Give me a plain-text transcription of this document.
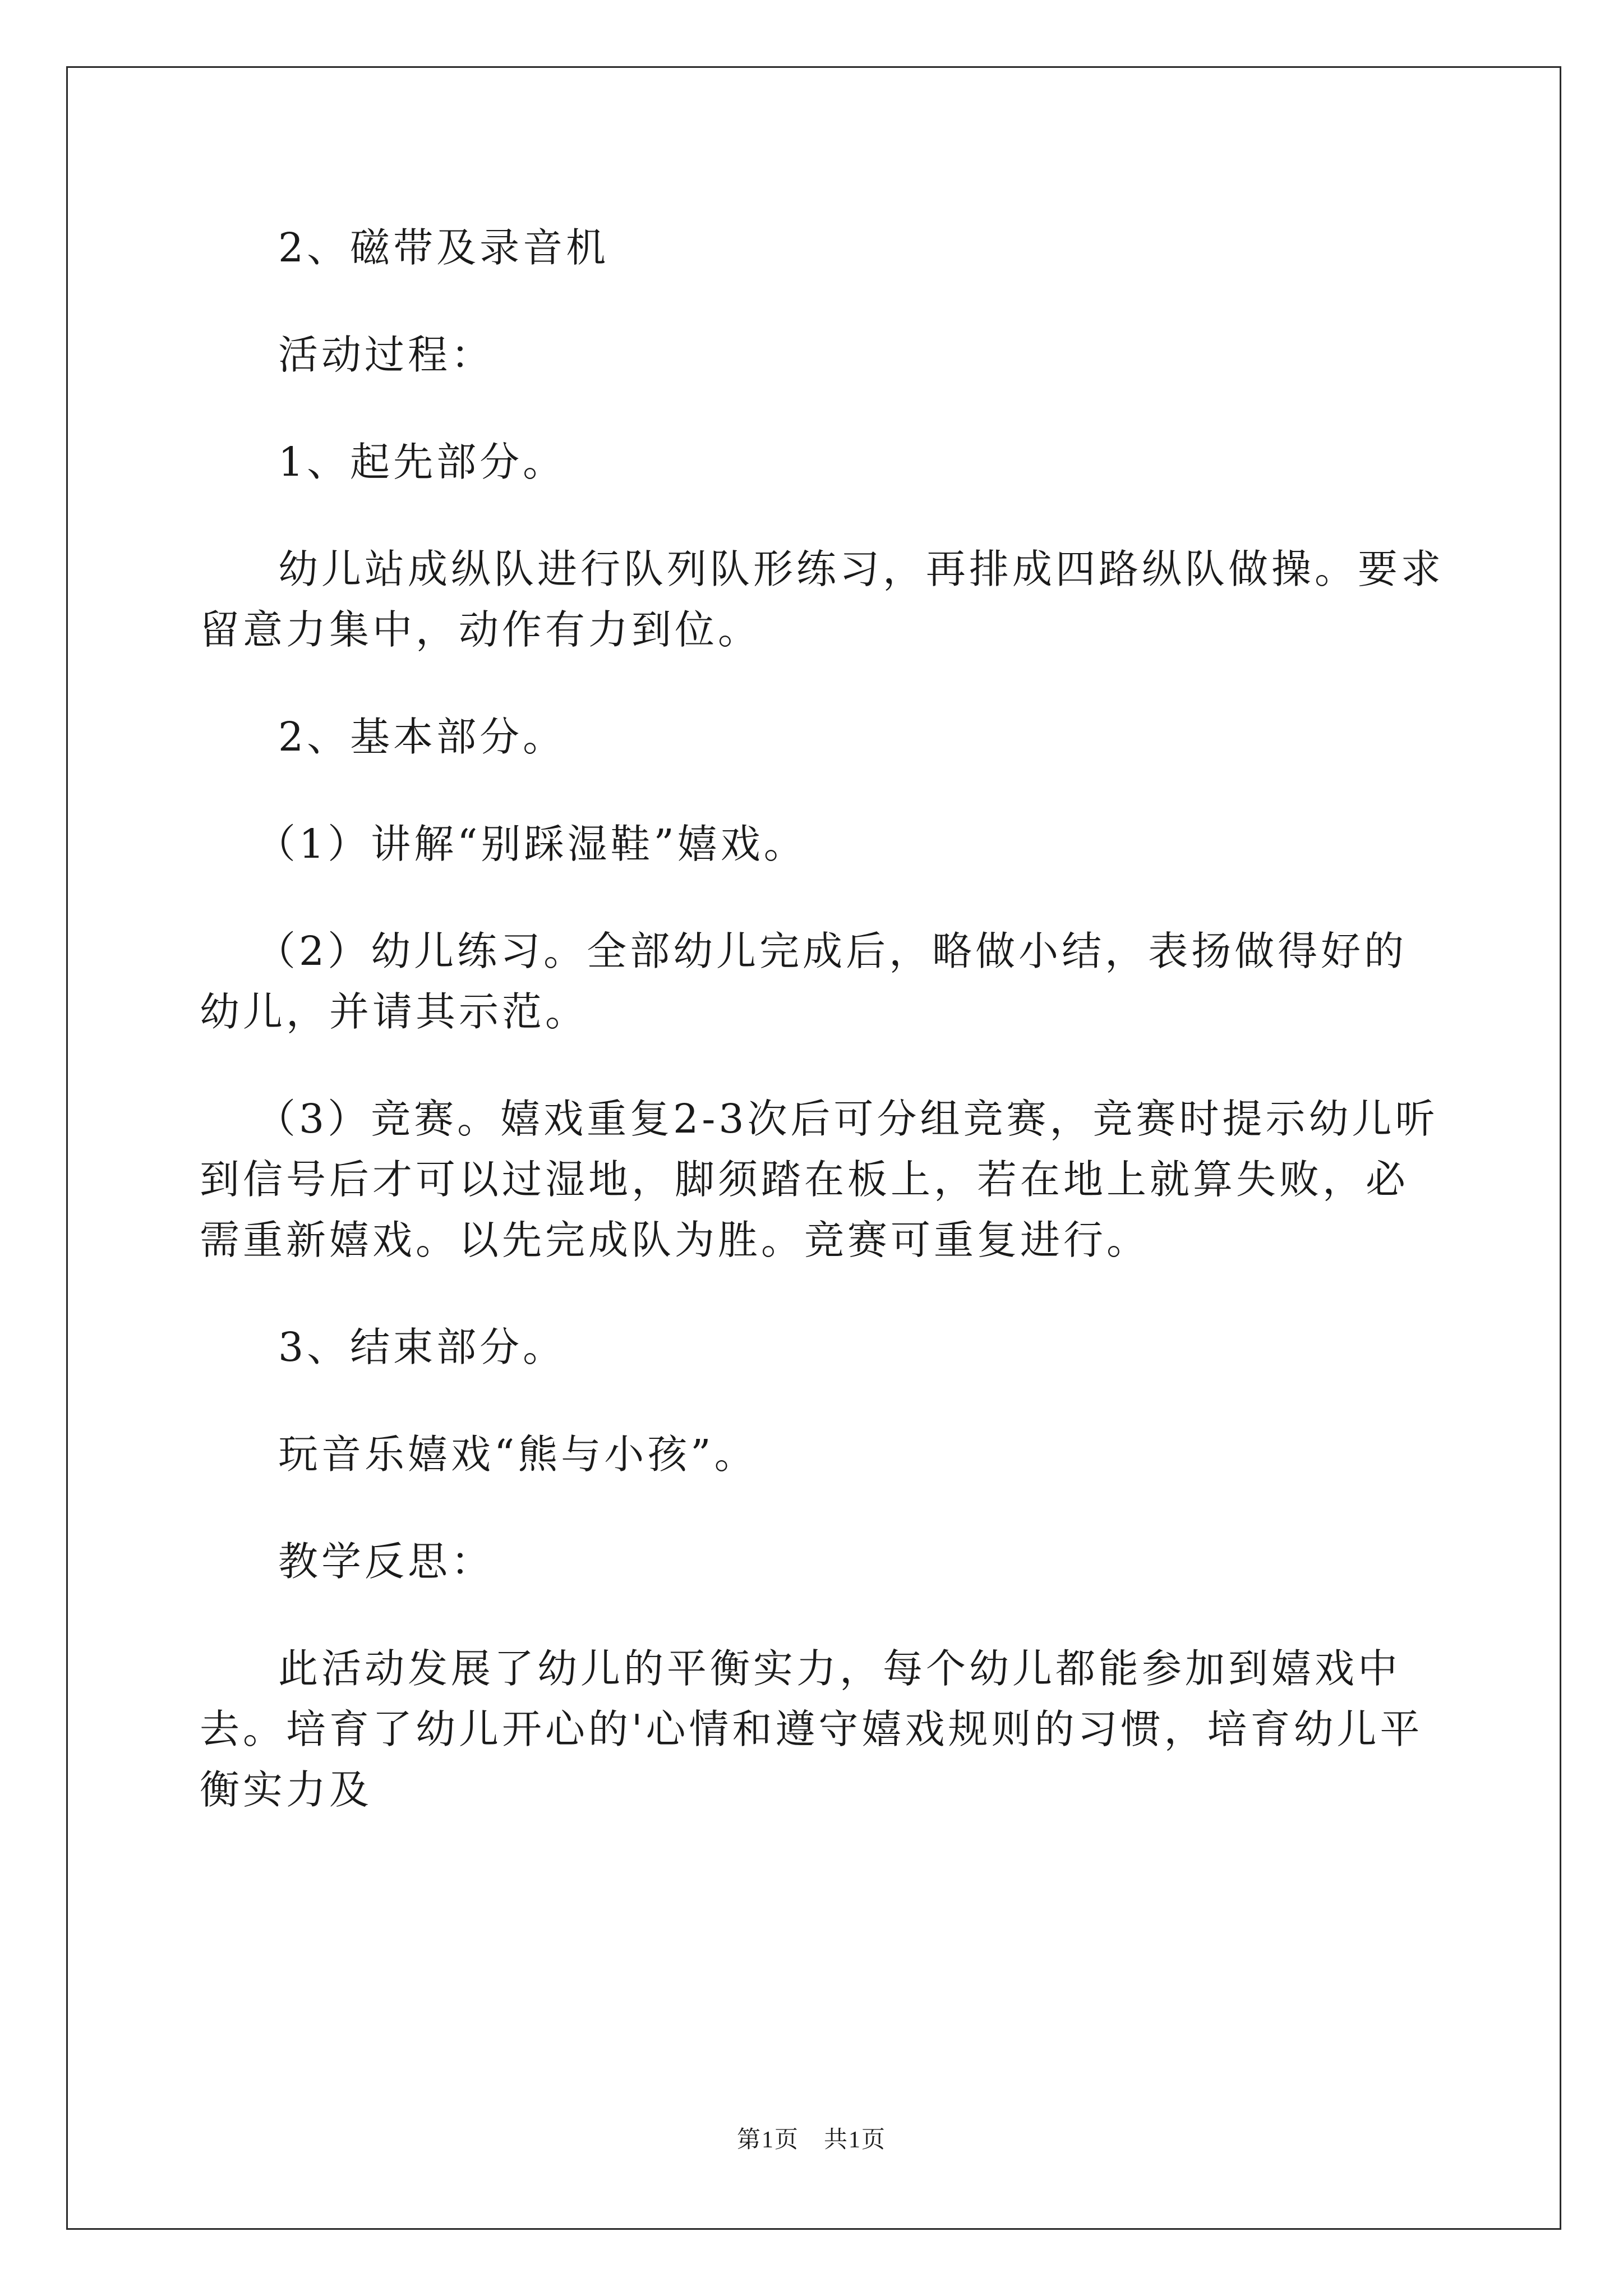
2、磁带及录音机

活动过程：

1、起先部分。

幼儿站成纵队进行队列队形练习，再排成四路纵队做操。要求留意力集中，动作有力到位。

2、基本部分。

（1）讲解“别踩湿鞋”嬉戏。

（2）幼儿练习。全部幼儿完成后，略做小结，表扬做得好的幼儿，并请其示范。

（3）竞赛。嬉戏重复2-3次后可分组竞赛，竞赛时提示幼儿听到信号后才可以过湿地，脚须踏在板上，若在地上就算失败，必需重新嬉戏。以先完成队为胜。竞赛可重复进行。

3、结束部分。

玩音乐嬉戏“熊与小孩”。

教学反思：

此活动发展了幼儿的平衡实力，每个幼儿都能参加到嬉戏中去。培育了幼儿开心的'心情和遵守嬉戏规则的习惯，培育幼儿平衡实力及

第1页　共1页
